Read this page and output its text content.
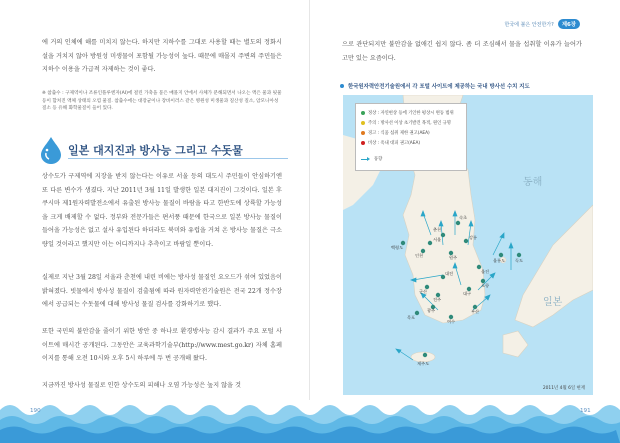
에 거의 인체에 해를 미치지 않는다. 하지만 지하수를 그대로 사용할 때는 별도의 정화시설을 거치지 않아 방원성 미생물이 포함될 가능성이 높다. 때문에 매몰지 주변의 주민들은 지하수 이용을 가급적 자제하는 것이 좋다.

※ 참출수 : 구제역이나 조류인플루엔자(AI)에 걸린 가축을 묻은 매몰지 안에서 사체가 분해되면서 나오는 액은 물과 핏물 등이 합쳐진 액체 상태의 오염 물질. 참출수에는 대장균이나 장바이러스 같은 병원성 미생물과 질산성 질소, 암모니아성 질소 등 유해 화학물질이 들어 있다.

일본 대지진과 방사능 그리고 수돗물

상수도가 구제역에 지장을 받지 않는다는 이유로 서울 등의 대도시 주민들이 안심하기엔 또 다른 변수가 생겼다. 지난 2011년 3월 11일 발생한 일본 대지진이 그것이다. 일본 후쿠시마 제1원자력발전소에서 유출된 방사능 물질이 바람을 타고 한반도에 상륙할 가능성을 크게 배제할 수 없다. 정부와 전문가들은 편서풍 때문에 한국으로 일본 방사능 물질이 들어올 가능성은 없고 설사 유입된다 하더라도 북미와 유럽을 거쳐 온 방사능 물질은 극소량일 것이라고 했지만 이는 어디까지나 추측이고 바람일 뿐이다.

실제로 지난 3월 28일 서울과 춘천에 내린 비에는 방사성 물질인 요오드가 섞여 있었음이 밝혀졌다. 빗물에서 방사성 물질이 검출됨에 따라 원자력안전기술원은 전국 22개 정수장에서 공급되는 수돗물에 대해 방사성 물질 검사를 강화하기로 했다.

또한 국민의 불안감을 줄이기 위한 방안 중 하나로 환경방사능 감시 결과가 주요 포털 사이트에 매시간 공개된다. 그동안은 교육과학기술부(http://www.mest.go.kr) 자체 홈페이지를 통해 오전 10시와 오후 5시 하루에 두 번 공개해 왔다.

지금까진 방사성 물질로 인한 상수도의 피해나 오염 가능성은 높지 않을 것

한국에 불은 안전한가?	제6장

으로 관단되지만 불안감을 없애긴 쉽지 않다. 좀 더 조심해서 물을 섭취할 이유가 늘어가고만 있는 요즘이다.

한국원자력안전기술원에서 각 포털 사이트에 제공하는 국내 방사선 수치 지도
정상 : 자연현상 등에 기인한 평상시 변동 범위
주의 : 방사선 이상 초기발견 목적, 원인 규명
경고 : 식품 섭취 제한 권고(AEA)
비상 : 옥내 대피 권고(AEA)
풍향
동해
일본
속초
춘천
강릉
서울
백령도
인천	원주
울릉도 독도
대전
군산	대구
포항
전주
울진
광주	부산
목포
여수
제주도
2011년 4월 6일 현재
190	191
